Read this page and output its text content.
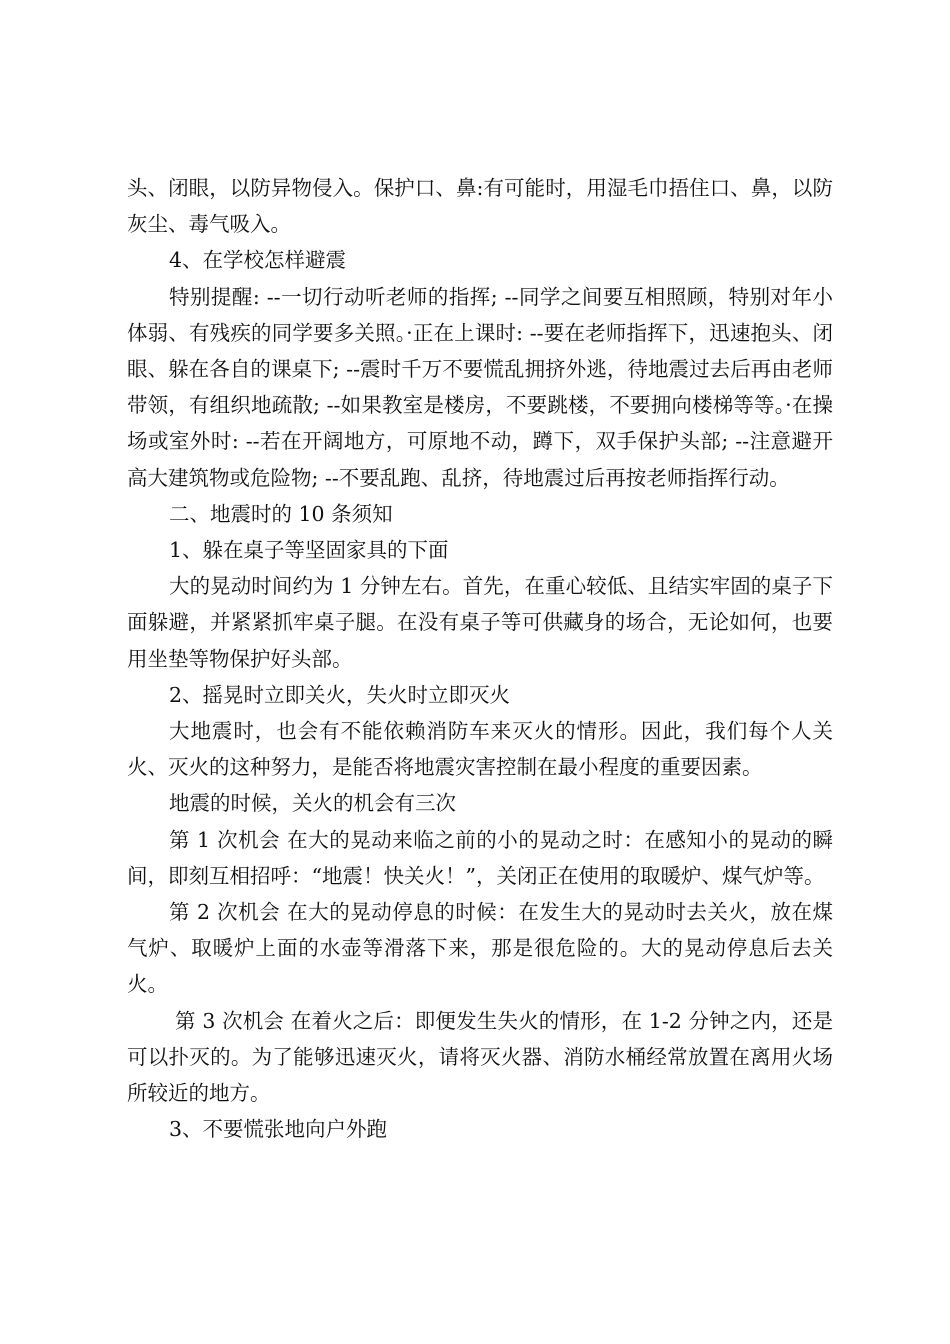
头、闭眼，以防异物侵入。保护口、鼻:有可能时，用湿毛巾捂住口、鼻，以防灰尘、毒气吸入。

4、在学校怎样避震

特别提醒: --一切行动听老师的指挥; --同学之间要互相照顾，特别对年小体弱、有残疾的同学要多关照。·正在上课时: --要在老师指挥下，迅速抱头、闭眼、躲在各自的课桌下; --震时千万不要慌乱拥挤外逃，待地震过去后再由老师带领，有组织地疏散; --如果教室是楼房，不要跳楼，不要拥向楼梯等等。·在操场或室外时: --若在开阔地方，可原地不动，蹲下，双手保护头部; --注意避开高大建筑物或危险物; --不要乱跑、乱挤，待地震过后再按老师指挥行动。

二、地震时的 10 条须知

1、躲在桌子等坚固家具的下面

大的晃动时间约为 1 分钟左右。首先，在重心较低、且结实牢固的桌子下面躲避，并紧紧抓牢桌子腿。在没有桌子等可供藏身的场合，无论如何，也要用坐垫等物保护好头部。

2、摇晃时立即关火，失火时立即灭火

大地震时，也会有不能依赖消防车来灭火的情形。因此，我们每个人关火、灭火的这种努力，是能否将地震灾害控制在最小程度的重要因素。

地震的时候，关火的机会有三次

第 1 次机会 在大的晃动来临之前的小的晃动之时：在感知小的晃动的瞬间，即刻互相招呼：“地震！快关火！”，关闭正在使用的取暖炉、煤气炉等。

第 2 次机会 在大的晃动停息的时候：在发生大的晃动时去关火，放在煤气炉、取暖炉上面的水壶等滑落下来，那是很危险的。大的晃动停息后去关火。

第 3 次机会 在着火之后：即便发生失火的情形，在 1-2 分钟之内，还是可以扑灭的。为了能够迅速灭火，请将灭火器、消防水桶经常放置在离用火场所较近的地方。

3、不要慌张地向户外跑
